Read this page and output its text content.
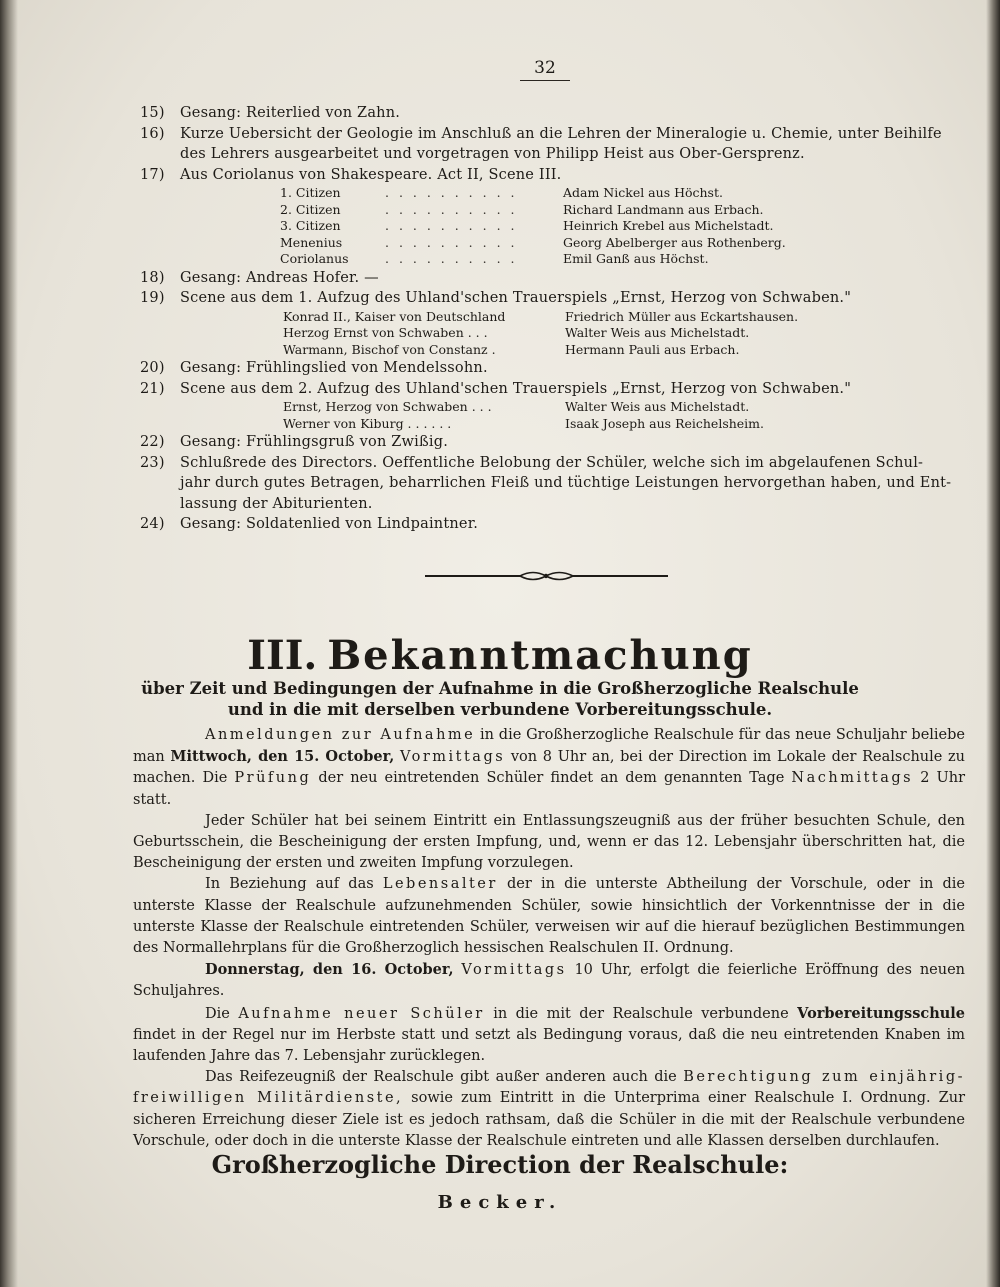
32
15) Gesang: Reiterlied von Zahn.
16) Kurze Uebersicht der Geologie im Anschluß an die Lehren der Mineralogie u. Chemie, unter Beihilfe
des Lehrers ausgearbeitet und vorgetragen von Philipp Heist aus Ober-Gersprenz.
17) Aus Coriolanus von Shakespeare. Act II, Scene III.
1. Citizen	. . . . . . . . . .	Adam Nickel aus Höchst.
2. Citizen	. . . . . . . . . .	Richard Landmann aus Erbach.
3. Citizen	. . . . . . . . . .	Heinrich Krebel aus Michelstadt.
Menenius	. . . . . . . . . .	Georg Abelberger aus Rothenberg.
Coriolanus	. . . . . . . . . .	Emil Ganß aus Höchst.
18) Gesang: Andreas Hofer. —
19) Scene aus dem 1. Aufzug des Uhland'schen Trauerspiels „Ernst, Herzog von Schwaben."
Konrad II., Kaiser von Deutschland	Friedrich Müller aus Eckartshausen.
Herzog Ernst von Schwaben . . .	Walter Weis aus Michelstadt.
Warmann, Bischof von Constanz .	Hermann Pauli aus Erbach.
20) Gesang: Frühlingslied von Mendelssohn.
21) Scene aus dem 2. Aufzug des Uhland'schen Trauerspiels „Ernst, Herzog von Schwaben."
Ernst, Herzog von Schwaben . . .	Walter Weis aus Michelstadt.
Werner von Kiburg . . . . . .	Isaak Joseph aus Reichelsheim.
22) Gesang: Frühlingsgruß von Zwißig.
23) Schlußrede des Directors. Oeffentliche Belobung der Schüler, welche sich im abgelaufenen Schul-
jahr durch gutes Betragen, beharrlichen Fleiß und tüchtige Leistungen hervorgethan haben, und Ent-
lassung der Abiturienten.
24) Gesang: Soldatenlied von Lindpaintner.
III. Bekanntmachung
über Zeit und Bedingungen der Aufnahme in die Großherzogliche Realschule
und in die mit derselben verbundene Vorbereitungsschule.

Anmeldungen zur Aufnahme in die Großherzogliche Realschule für das neue Schuljahr beliebe man Mittwoch, den 15. October, Vormittags von 8 Uhr an, bei der Direction im Lokale der Realschule zu machen. Die Prüfung der neu eintretenden Schüler findet an dem genannten Tage Nachmittags 2 Uhr statt.

Jeder Schüler hat bei seinem Eintritt ein Entlassungszeugniß aus der früher besuchten Schule, den Geburtsschein, die Bescheinigung der ersten Impfung, und, wenn er das 12. Lebensjahr überschritten hat, die Bescheinigung der ersten und zweiten Impfung vorzulegen.

In Beziehung auf das Lebensalter der in die unterste Abtheilung der Vorschule, oder in die unterste Klasse der Realschule aufzunehmenden Schüler, sowie hinsichtlich der Vorkenntnisse der in die unterste Klasse der Realschule eintretenden Schüler, verweisen wir auf die hierauf bezüglichen Bestimmungen des Normallehrplans für die Großherzoglich hessischen Realschulen II. Ordnung.

Donnerstag, den 16. October, Vormittags 10 Uhr, erfolgt die feierliche Eröffnung des neuen Schuljahres.

Die Aufnahme neuer Schüler in die mit der Realschule verbundene Vorbereitungsschule findet in der Regel nur im Herbste statt und setzt als Bedingung voraus, daß die neu eintretenden Knaben im laufenden Jahre das 7. Lebensjahr zurücklegen.

Das Reifezeugniß der Realschule gibt außer anderen auch die Berechtigung zum einjährig-freiwilligen Militärdienste, sowie zum Eintritt in die Unterprima einer Realschule I. Ordnung. Zur sicheren Erreichung dieser Ziele ist es jedoch rathsam, daß die Schüler in die mit der Realschule verbundene Vorschule, oder doch in die unterste Klasse der Realschule eintreten und alle Klassen derselben durchlaufen.

Großherzogliche Direction der Realschule:
Becker.
